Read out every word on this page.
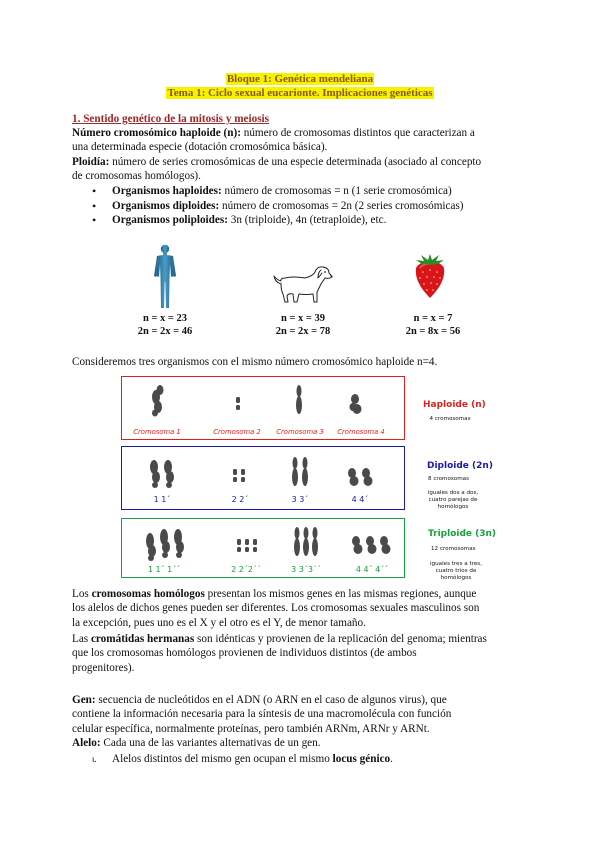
Bloque 1: Genética mendeliana
Tema 1: Ciclo sexual eucarionte. Implicaciones genéticas
1. Sentido genético de la mitosis y meiosis
Número cromosómico haploide (n): número de cromosomas distintos que caracterizan a
una determinada especie (dotación cromosómica básica).
Ploidía: número de series cromosómicas de una especie determinada (asociado al concepto
de cromosomas homólogos).
• Organismos haploides: número de cromosomas = n (1 serie cromosómica)
• Organismos diploides: número de cromosomas = 2n (2 series cromosómicas)
• Organismos poliploides: 3n (triploide), 4n (tetraploide), etc.
n = x = 23
2n = 2x = 46
n = x = 39
2n = 2x = 78
n = x = 7
2n = 8x = 56
Consideremos tres organismos con el mismo número cromosómico haploide n=4.
Cromosoma 1	Cromosoma 2	Cromosoma 3	Cromosoma 4
Haploide (n)
4 cromosomas
1 1´	2 2´	3 3´	4 4´
Diploide (2n)
8 cromosomas
iguales dos a dos,
cuatro parejas de
homólogos
1 1´ 1´´	2 2´2´´	3 3´3´´	4 4´ 4´´
Triploide (3n)
12 cromosomas
iguales tres a tres,
cuatro tríos de
homólogos
Los cromosomas homólogos presentan los mismos genes en las mismas regiones, aunque
los alelos de dichos genes pueden ser diferentes. Los cromosomas sexuales masculinos son
la excepción, pues uno es el X y el otro es el Y, de menor tamaño.
Las cromátidas hermanas son idénticas y provienen de la replicación del genoma; mientras
que los cromosomas homólogos provienen de individuos distintos (de ambos
progenitores).
Gen: secuencia de nucleótidos en el ADN (o ARN en el caso de algunos virus), que
contiene la información necesaria para la síntesis de una macromolécula con función
celular específica, normalmente proteínas, pero también ARNm, ARNr y ARNt.
Alelo: Cada una de las variantes alternativas de un gen.
ι. Alelos distintos del mismo gen ocupan el mismo locus génico.
